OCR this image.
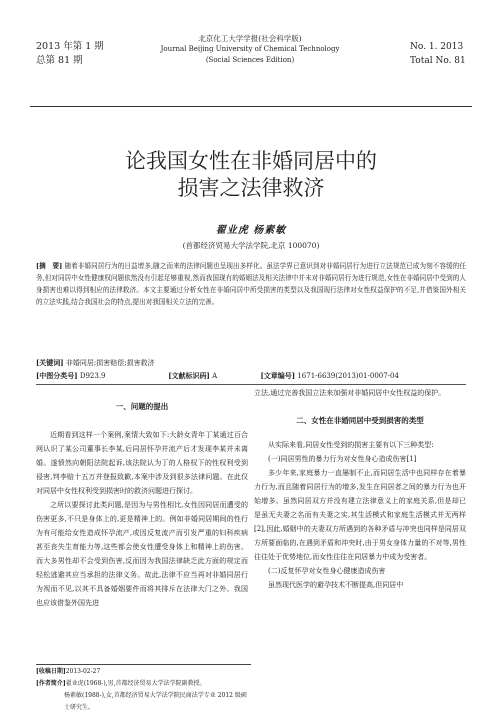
2013 年第 1 期
总第 81 期
北京化工大学学报(社会科学版)
Journal Beijing University of Chemical Technology
(Social Sciences Edition)
No. 1. 2013
Total No. 81
论我国女性在非婚同居中的
损害之法律救济
翟业虎 杨素敏
(首都经济贸易大学法学院,北京 100070)

[摘　要] 随着非婚同居行为的日益增多,随之而来的法律问题也呈现出多样化。虽法学界已意识到对非婚同居行为进行立法规范已成为刻不容缓的任务,但对同居中女性健康权问题依然没有引起足够重视,然而我国现有的婚姻法及相关法律中并未对非婚同居行为进行规范,女性在非婚同居中受到的人身损害也难以得到相应的法律救济。本文主要通过分析女性在非婚同居中所受损害的类型以及我国现行法律对女性权益保护的不足,并借鉴国外相关的立法实践,结合我国社会的特点,提出对我国相关立法的完善。

[关键词] 非婚同居;损害赔偿;损害救济
[中图分类号] D923.9	[文献标识码] A	[文章编号] 1671-6639(2013)01-0007-04
一、问题的提出

近期看到这样一个案例,案情大致如下:大龄女青年丁某通过百合网认识了某公司董事长李某,后同居怀孕并流产后才发现李某并未离婚。遂愤然向朝阳法院起诉,该法院认为丁的人格权下的性权利受到侵害,判李赔十五万并登报致歉,本案中涉及到很多法律问题。在此仅对同居中女性权利受到损害时的救济问题进行探讨。

之所以要探讨此类问题,是因为与男性相比,女性因同居而遭受的伤害更多,不只是身体上的,更是精神上的。例如非婚同居期间的性行为有可能给女性造成怀孕流产,或因反复流产而引发严重的妇科疾病甚至丧失生育能力等,这些都会使女性遭受身体上和精神上的伤害。而大多男性却不会受到伤害,反而因为我国法律缺乏此方面的规定而轻松逃避其应当承担的法律义务。故此,法律不应当再对非婚同居行为视而不见,以其不具备婚姻要件而将其排斥在法律大门之外。我国也应该借鉴外国先进

立法,通过完善我国立法来加强对非婚同居中女性权益的保护。

二、女性在非婚同居中受到损害的类型

从实际来看,同居女性受到的损害主要有以下三种类型:

(一)同居男性的暴力行为对女性身心造成伤害[1]

多少年来,家庭暴力一直屡制不止,而同居生活中也同样存在着暴力行为,而且随着同居行为的增多,发生在同居者之间的暴力行为也开始增多。虽然同居双方并没有建立法律意义上的家庭关系,但是却已是虽无夫妻之名而有夫妻之实,其生活模式和家庭生活模式并无两样[2],因此,婚姻中的夫妻双方所遇到的各种矛盾与冲突也同样是同居双方所要面临的,在遇到矛盾和冲突时,由于男女身体力量的不对等,男性往往处于优势地位,而女性往往在同居暴力中成为受害者。

(二)反复怀孕对女性身心健康造成伤害

虽然现代医学的避孕技术不断提高,但同居中

[收稿日期]2013-02-27
[作者简介]翟业虎(1968-),男,首都经济贸易大学法学院副教授。
杨素敏(1988-),女,首都经济贸易大学法学院民商法学专业 2012 级硕士研究生。
